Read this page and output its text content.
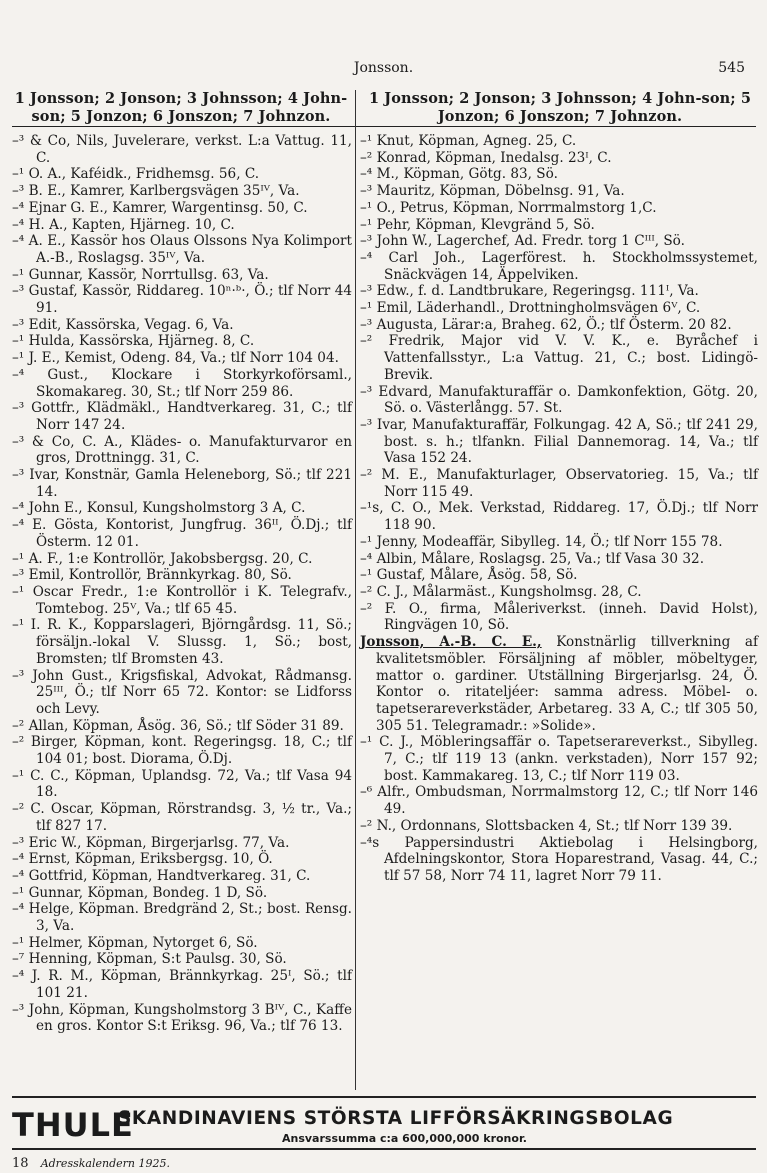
Jonsson.	545
1 Jonsson; 2 Jonson; 3 Johnsson; 4 John-son; 5 Jonzon; 6 Jonszon; 7 Johnzon.
1 Jonsson; 2 Jonson; 3 Johnsson; 4 John-son; 5 Jonzon; 6 Jonszon; 7 Johnzon.

–³ & Co, Nils, Juvelerare, verkst. L:a Vattug. 11, C.

–¹ O. A., Kaféidk., Fridhemsg. 56, C.

–³ B. E., Kamrer, Karlbergsvägen 35ᴵⱽ, Va.

–⁴ Ejnar G. E., Kamrer, Wargentinsg. 50, C.

–⁴ H. A., Kapten, Hjärneg. 10, C.

–⁴ A. E., Kassör hos Olaus Olssons Nya Kolimport A.-B., Roslagsg. 35ᴵⱽ, Va.

–¹ Gunnar, Kassör, Norrtullsg. 63, Va.

–³ Gustaf, Kassör, Riddareg. 10ⁿ·ᵇ·, Ö.; tlf Norr 44 91.

–³ Edit, Kassörska, Vegag. 6, Va.

–¹ Hulda, Kassörska, Hjärneg. 8, C.

–¹ J. E., Kemist, Odeng. 84, Va.; tlf Norr 104 04.

–⁴ Gust., Klockare i Storkyrkoförsaml., Skomakareg. 30, St.; tlf Norr 259 86.

–³ Gottfr., Klädmäkl., Handtverkareg. 31, C.; tlf Norr 147 24.

–³ & Co, C. A., Klädes- o. Manufakturvaror en gros, Drottningg. 31, C.

–³ Ivar, Konstnär, Gamla Heleneborg, Sö.; tlf 221 14.

–⁴ John E., Konsul, Kungsholmstorg 3 A, C.

–⁴ E. Gösta, Kontorist, Jungfrug. 36ᴵᴵ, Ö.Dj.; tlf Österm. 12 01.

–¹ A. F., 1:e Kontrollör, Jakobsbergsg. 20, C.

–³ Emil, Kontrollör, Brännkyrkag. 80, Sö.

–¹ Oscar Fredr., 1:e Kontrollör i K. Telegrafv., Tomtebog. 25ⱽ, Va.; tlf 65 45.

–¹ I. R. K., Kopparslageri, Björngårdsg. 11, Sö.; försäljn.-lokal V. Slussg. 1, Sö.; bost, Bromsten; tlf Bromsten 43.

–³ John Gust., Krigsfiskal, Advokat, Rådmansg. 25ᴵᴵᴵ, Ö.; tlf Norr 65 72. Kontor: se Lidforss och Levy.

–² Allan, Köpman, Åsög. 36, Sö.; tlf Söder 31 89.

–² Birger, Köpman, kont. Regeringsg. 18, C.; tlf 104 01; bost. Diorama, Ö.Dj.

–¹ C. C., Köpman, Uplandsg. 72, Va.; tlf Vasa 94 18.

–² C. Oscar, Köpman, Rörstrandsg. 3, ½ tr., Va.; tlf 827 17.

–³ Eric W., Köpman, Birgerjarlsg. 77, Va.

–⁴ Ernst, Köpman, Eriksbergsg. 10, Ö.

–⁴ Gottfrid, Köpman, Handtverkareg. 31, C.

–¹ Gunnar, Köpman, Bondeg. 1 D, Sö.

–⁴ Helge, Köpman. Bredgränd 2, St.; bost. Rensg. 3, Va.

–¹ Helmer, Köpman, Nytorget 6, Sö.

–⁷ Henning, Köpman, S:t Paulsg. 30, Sö.

–⁴ J. R. M., Köpman, Brännkyrkag. 25ᴵ, Sö.; tlf 101 21.

–³ John, Köpman, Kungsholmstorg 3 Bᴵⱽ, C., Kaffe en gros. Kontor S:t Eriksg. 96, Va.; tlf 76 13.

–¹ Knut, Köpman, Agneg. 25, C.

–² Konrad, Köpman, Inedalsg. 23ᴵ, C.

–⁴ M., Köpman, Götg. 83, Sö.

–³ Mauritz, Köpman, Döbelnsg. 91, Va.

–¹ O., Petrus, Köpman, Norrmalmstorg 1,C.

–¹ Pehr, Köpman, Klevgränd 5, Sö.

–³ John W., Lagerchef, Ad. Fredr. torg 1 Cᴵᴵᴵ, Sö.

–⁴ Carl Joh., Lagerförest. h. Stockholmssystemet, Snäckvägen 14, Äppelviken.

–³ Edw., f. d. Landtbrukare, Regeringsg. 111ᴵ, Va.

–¹ Emil, Läderhandl., Drottningholmsvägen 6ⱽ, C.

–³ Augusta, Lärar:a, Braheg. 62, Ö.; tlf Österm. 20 82.

–² Fredrik, Major vid V. V. K., e. Byråchef i Vattenfallsstyr., L:a Vattug. 21, C.; bost. Lidingö-Brevik.

–³ Edvard, Manufakturaffär o. Damkonfektion, Götg. 20, Sö. o. Västerlångg. 57. St.

–³ Ivar, Manufakturaffär, Folkungag. 42 A, Sö.; tlf 241 29, bost. s. h.; tlfankn. Filial Dannemorag. 14, Va.; tlf Vasa 152 24.

–² M. E., Manufakturlager, Observatorieg. 15, Va.; tlf Norr 115 49.

–¹s, C. O., Mek. Verkstad, Riddareg. 17, Ö.Dj.; tlf Norr 118 90.

–¹ Jenny, Modeaffär, Sibylleg. 14, Ö.; tlf Norr 155 78.

–⁴ Albin, Målare, Roslagsg. 25, Va.; tlf Vasa 30 32.

–¹ Gustaf, Målare, Åsög. 58, Sö.

–² C. J., Målarmäst., Kungsholmsg. 28, C.

–² F. O., firma, Måleriverkst. (inneh. David Holst), Ringvägen 10, Sö.

Jonsson, A.-B. C. E., Konstnärlig tillverkning af kvalitetsmöbler. Försäljning af möbler, möbeltyger, mattor o. gardiner. Utställning Birgerjarlsg. 24, Ö. Kontor o. ritateljéer: samma adress. Möbel- o. tapetserareverkstäder, Arbetareg. 33 A, C.; tlf 305 50, 305 51. Telegramadr.: »Solide».

–¹ C. J., Möbleringsaffär o. Tapetserareverkst., Sibylleg. 7, C.; tlf 119 13 (ankn. verkstaden), Norr 157 92; bost. Kammakareg. 13, C.; tlf Norr 119 03.

–⁶ Alfr., Ombudsman, Norrmalmstorg 12, C.; tlf Norr 146 49.

–² N., Ordonnans, Slottsbacken 4, St.; tlf Norr 139 39.

–⁴s Pappersindustri Aktiebolag i Helsingborg, Afdelningskontor, Stora Hoparestrand, Vasag. 44, C.; tlf 57 58, Norr 74 11, lagret Norr 79 11.

THULE
SKANDINAVIENS STÖRSTA LIFFÖRSÄKRINGSBOLAG
Ansvarssumma c:a 600,000,000 kronor.
18 Adresskalendern 1925.
